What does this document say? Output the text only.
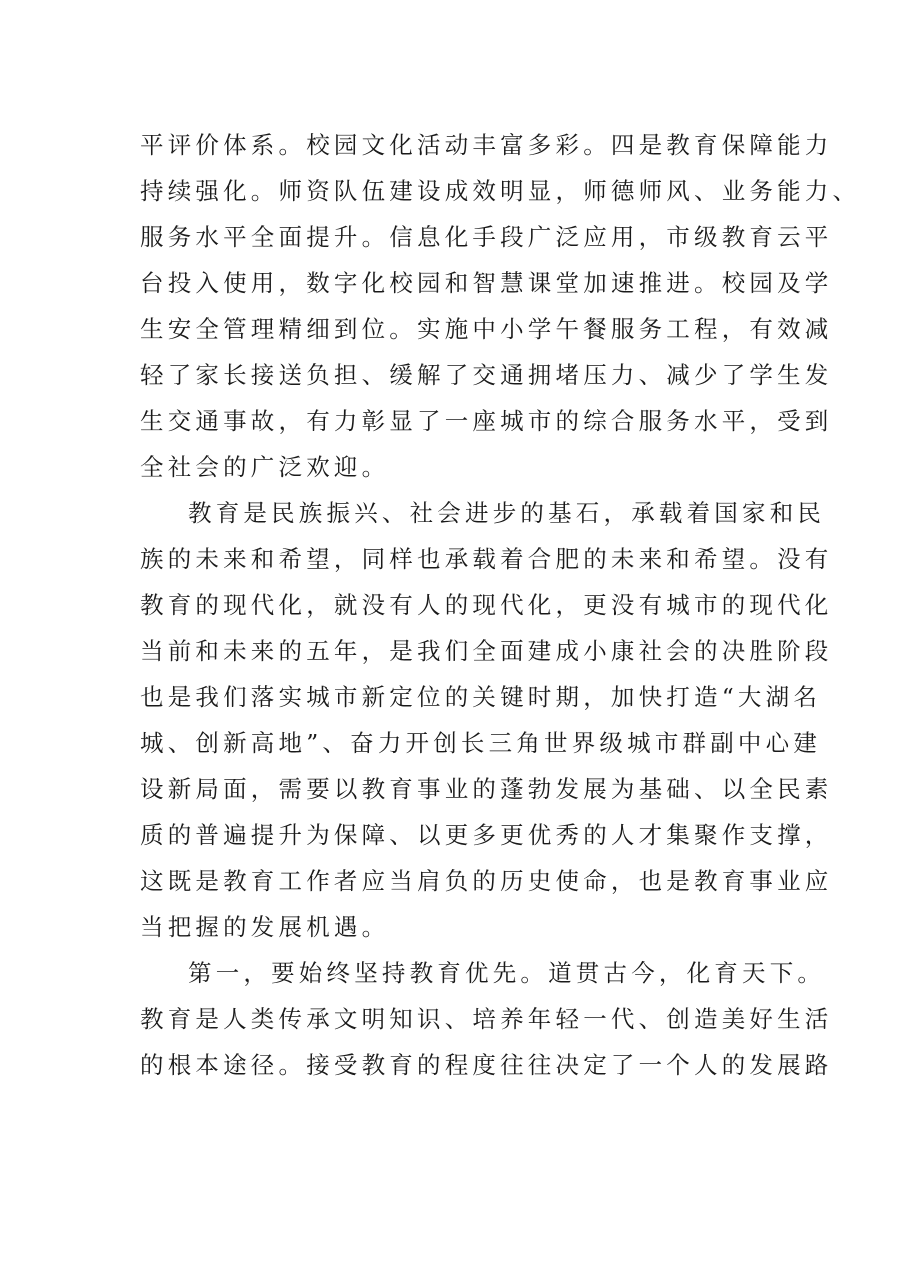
平评价体系。校园文化活动丰富多彩。四是教育保障能力
持续强化。师资队伍建设成效明显，师德师风、业务能力、
服务水平全面提升。信息化手段广泛应用，市级教育云平
台投入使用，数字化校园和智慧课堂加速推进。校园及学
生安全管理精细到位。实施中小学午餐服务工程，有效减
轻了家长接送负担、缓解了交通拥堵压力、减少了学生发
生交通事故，有力彰显了一座城市的综合服务水平，受到
全社会的广泛欢迎。
教育是民族振兴、社会进步的基石，承载着国家和民
族的未来和希望，同样也承载着合肥的未来和希望。没有
教育的现代化，就没有人的现代化，更没有城市的现代化
当前和未来的五年，是我们全面建成小康社会的决胜阶段
也是我们落实城市新定位的关键时期，加快打造“大湖名
城、创新高地”、奋力开创长三角世界级城市群副中心建
设新局面，需要以教育事业的蓬勃发展为基础、以全民素
质的普遍提升为保障、以更多更优秀的人才集聚作支撑，
这既是教育工作者应当肩负的历史使命，也是教育事业应
当把握的发展机遇。
第一，要始终坚持教育优先。道贯古今，化育天下。
教育是人类传承文明知识、培养年轻一代、创造美好生活
的根本途径。接受教育的程度往往决定了一个人的发展路
